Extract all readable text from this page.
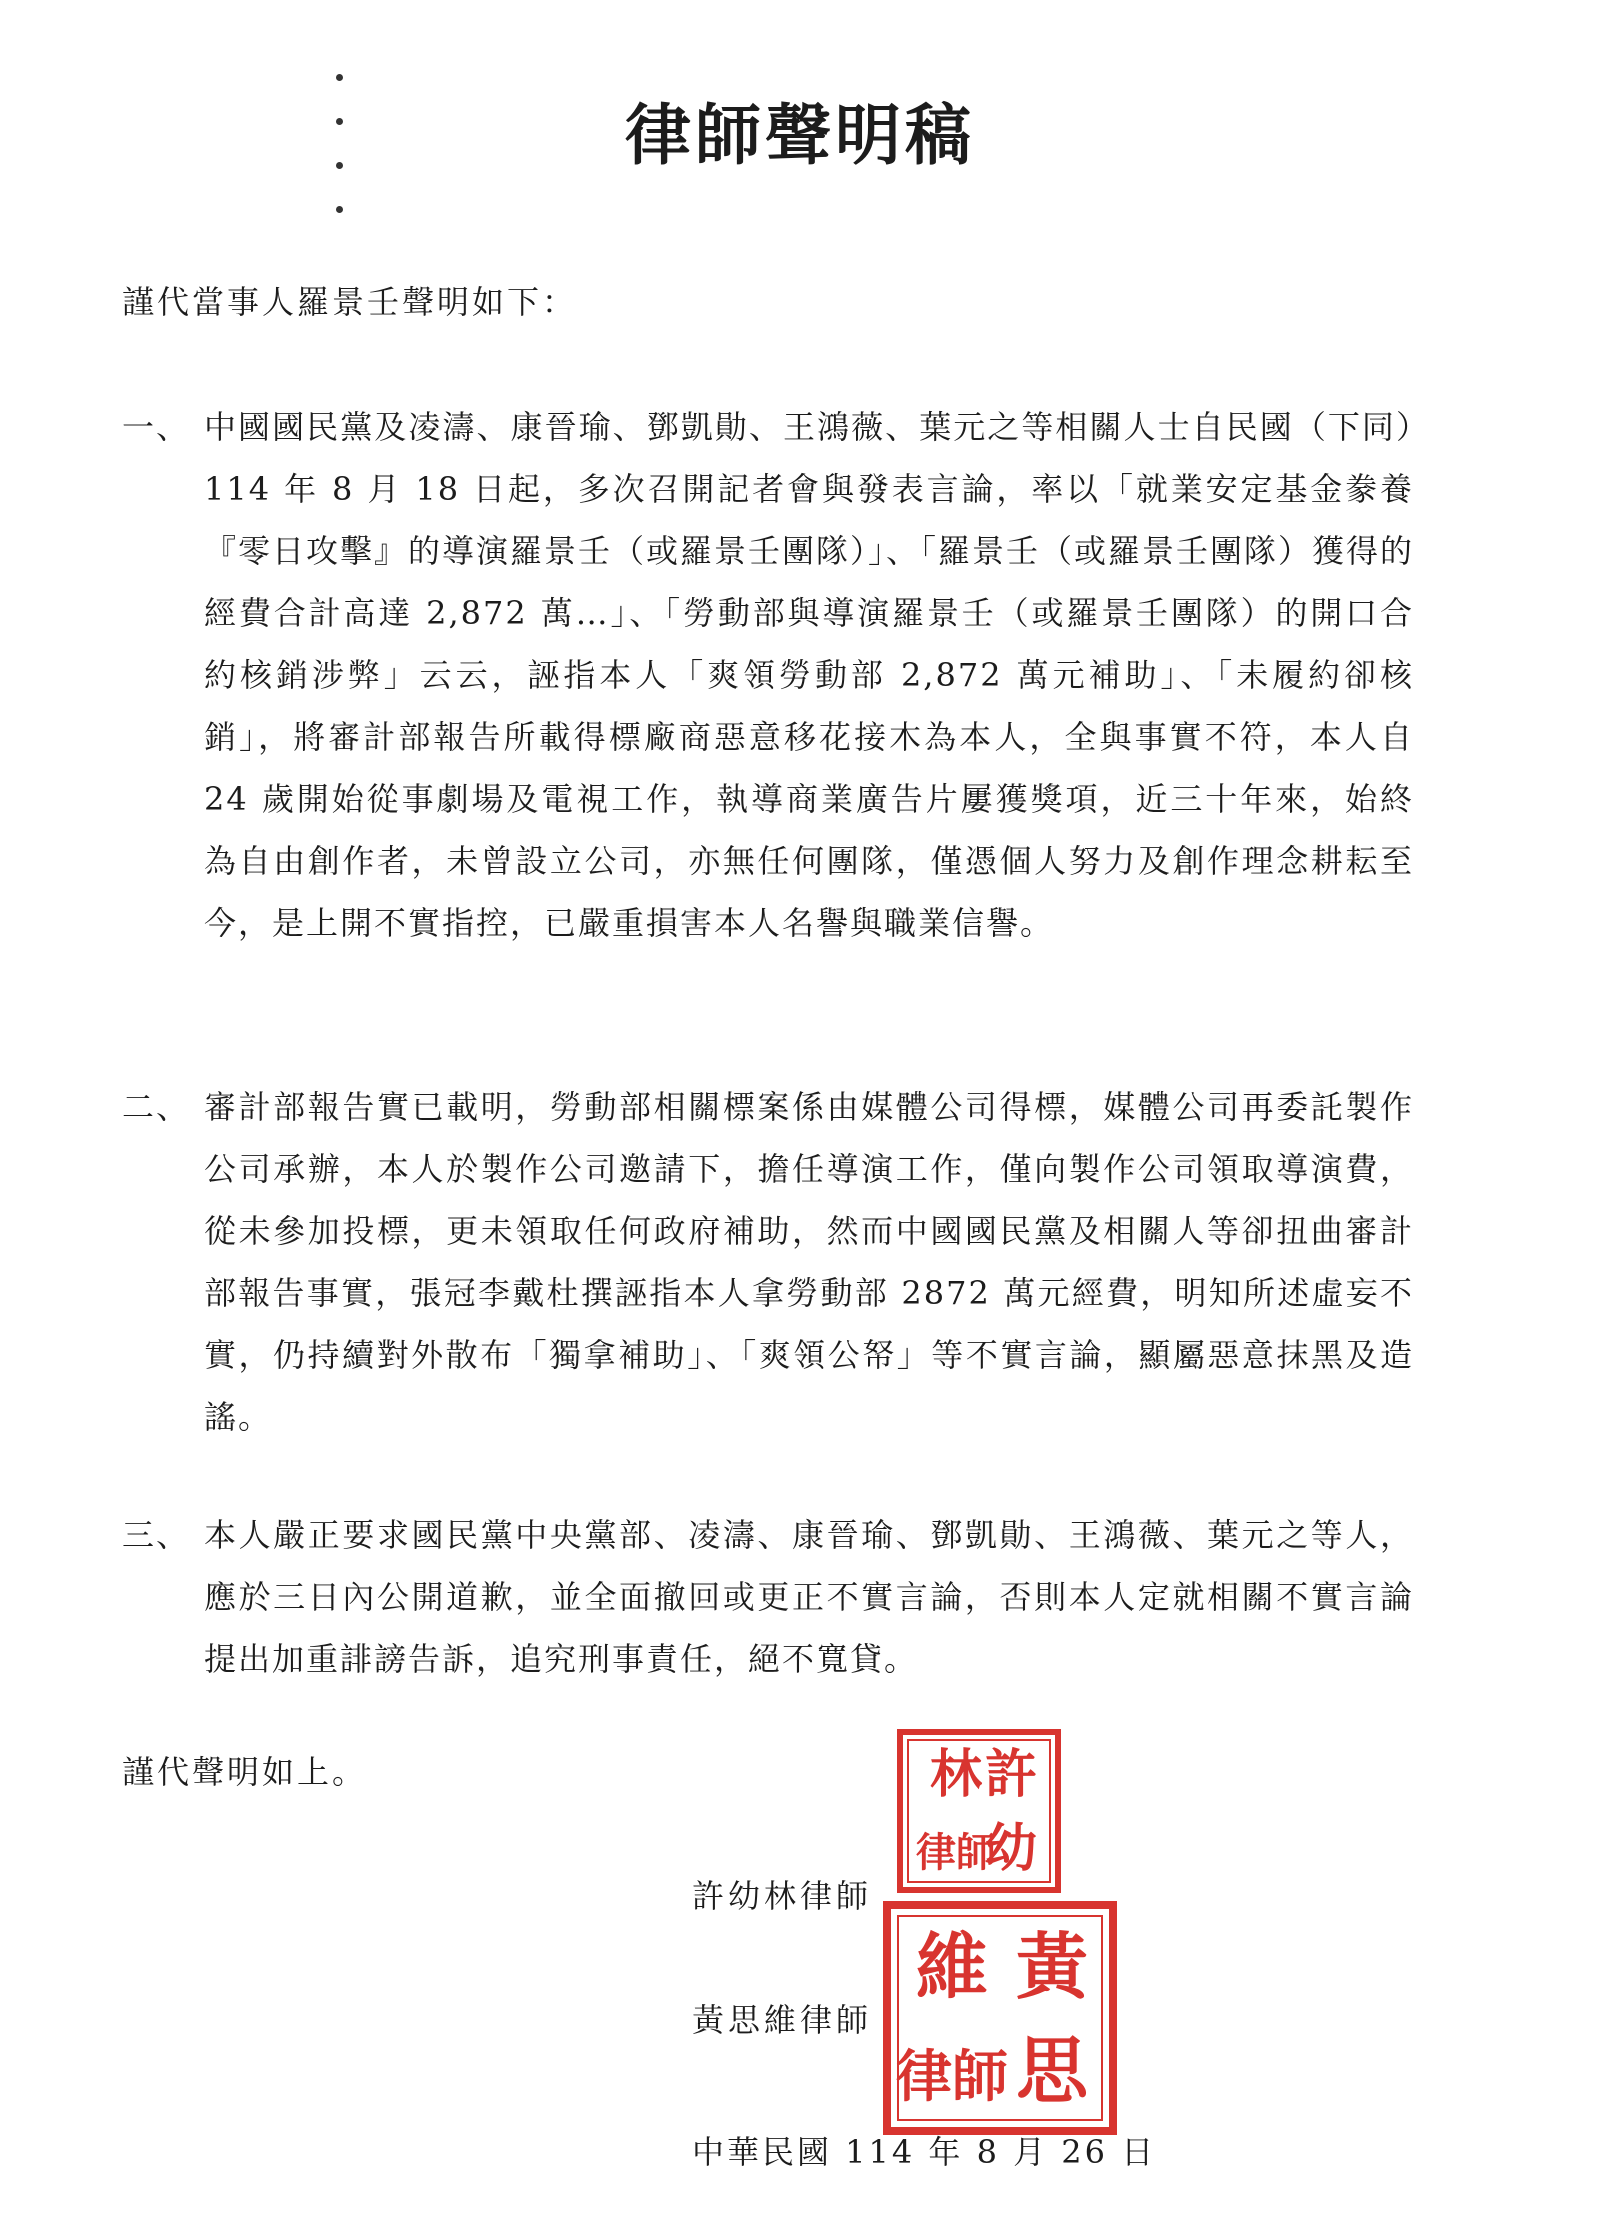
律師聲明稿

謹代當事人羅景壬聲明如下：

一、 中國國民黨及凌濤、康晉瑜、鄧凱勛、王鴻薇、葉元之等相關人士自民國（下同）114 年 8 月 18 日起，多次召開記者會與發表言論，率以「就業安定基金豢養『零日攻擊』的導演羅景壬（或羅景壬團隊）」、「羅景壬（或羅景壬團隊）獲得的經費合計高達 2,872 萬…」、「勞動部與導演羅景壬（或羅景壬團隊）的開口合約核銷涉弊」云云，誣指本人「爽領勞動部 2,872 萬元補助」、「未履約卻核銷」，將審計部報告所載得標廠商惡意移花接木為本人，全與事實不符，本人自 24 歲開始從事劇場及電視工作，執導商業廣告片屢獲獎項，近三十年來，始終為自由創作者，未曾設立公司，亦無任何團隊，僅憑個人努力及創作理念耕耘至今，是上開不實指控，已嚴重損害本人名譽與職業信譽。
二、 審計部報告實已載明，勞動部相關標案係由媒體公司得標，媒體公司再委託製作公司承辦，本人於製作公司邀請下，擔任導演工作，僅向製作公司領取導演費，從未參加投標，更未領取任何政府補助，然而中國國民黨及相關人等卻扭曲審計部報告事實，張冠李戴杜撰誣指本人拿勞動部 2872 萬元經費，明知所述虛妄不實，仍持續對外散布「獨拿補助」、「爽領公帑」等不實言論，顯屬惡意抹黑及造謠。
三、 本人嚴正要求國民黨中央黨部、凌濤、康晉瑜、鄧凱勛、王鴻薇、葉元之等人，應於三日內公開道歉，並全面撤回或更正不實言論，否則本人定就相關不實言論提出加重誹謗告訴，追究刑事責任，絕不寬貸。

謹代聲明如上。

許幼林律師

黃思維律師

許
幼
林
律師
黃
思
維
律師

中華民國 114 年 8 月 26 日
